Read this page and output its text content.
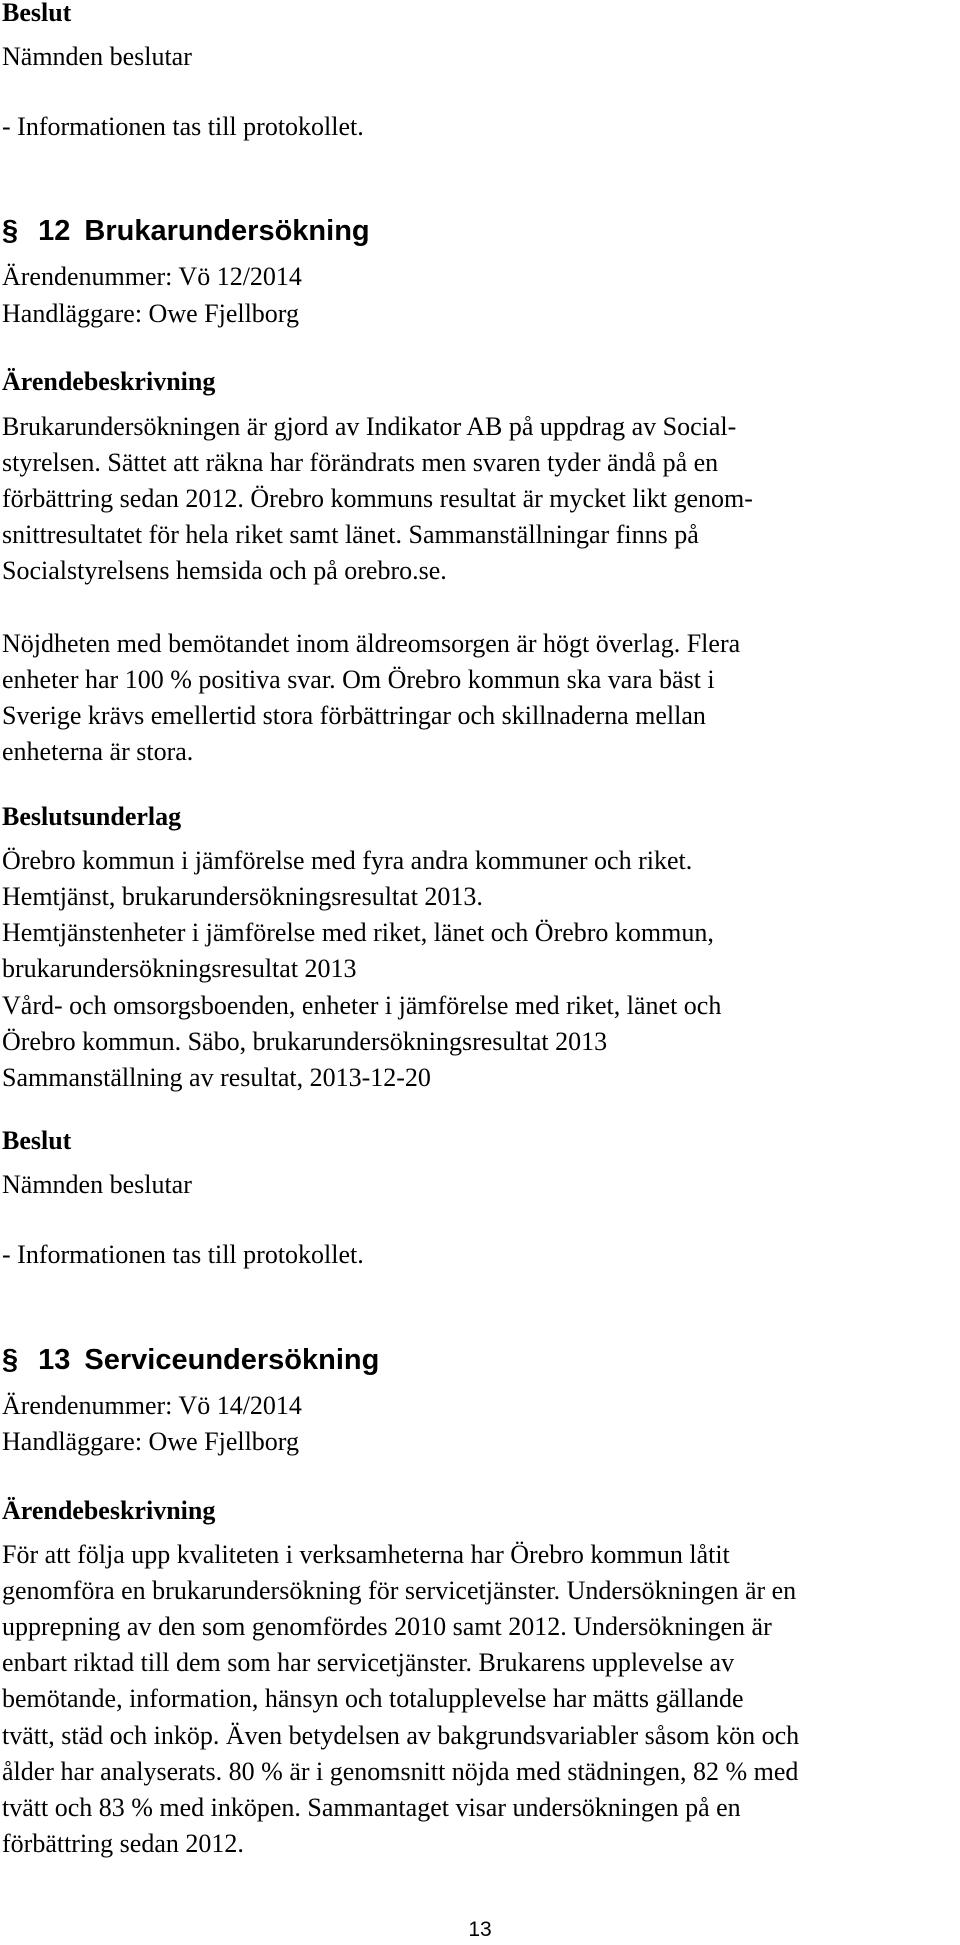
Beslut
Nämnden beslutar
- Informationen tas till protokollet.
§ 12 Brukarundersökning
Ärendenummer: Vö 12/2014
Handläggare: Owe Fjellborg
Ärendebeskrivning
Brukarundersökningen är gjord av Indikator AB på uppdrag av Social-
styrelsen. Sättet att räkna har förändrats men svaren tyder ändå på en
förbättring sedan 2012. Örebro kommuns resultat är mycket likt genom-
snittresultatet för hela riket samt länet. Sammanställningar finns på
Socialstyrelsens hemsida och på orebro.se.
Nöjdheten med bemötandet inom äldreomsorgen är högt överlag. Flera
enheter har 100 % positiva svar. Om Örebro kommun ska vara bäst i
Sverige krävs emellertid stora förbättringar och skillnaderna mellan
enheterna är stora.
Beslutsunderlag
Örebro kommun i jämförelse med fyra andra kommuner och riket.
Hemtjänst, brukarundersökningsresultat 2013.
Hemtjänstenheter i jämförelse med riket, länet och Örebro kommun,
brukarundersökningsresultat 2013
Vård- och omsorgsboenden, enheter i jämförelse med riket, länet och
Örebro kommun. Säbo, brukarundersökningsresultat 2013
Sammanställning av resultat, 2013-12-20
Beslut
Nämnden beslutar
- Informationen tas till protokollet.
§ 13 Serviceundersökning
Ärendenummer: Vö 14/2014
Handläggare: Owe Fjellborg
Ärendebeskrivning
För att följa upp kvaliteten i verksamheterna har Örebro kommun låtit
genomföra en brukarundersökning för servicetjänster. Undersökningen är en
upprepning av den som genomfördes 2010 samt 2012. Undersökningen är
enbart riktad till dem som har servicetjänster. Brukarens upplevelse av
bemötande, information, hänsyn och totalupplevelse har mätts gällande
tvätt, städ och inköp. Även betydelsen av bakgrundsvariabler såsom kön och
ålder har analyserats. 80 % är i genomsnitt nöjda med städningen, 82 % med
tvätt och 83 % med inköpen. Sammantaget visar undersökningen på en
förbättring sedan 2012.
13
